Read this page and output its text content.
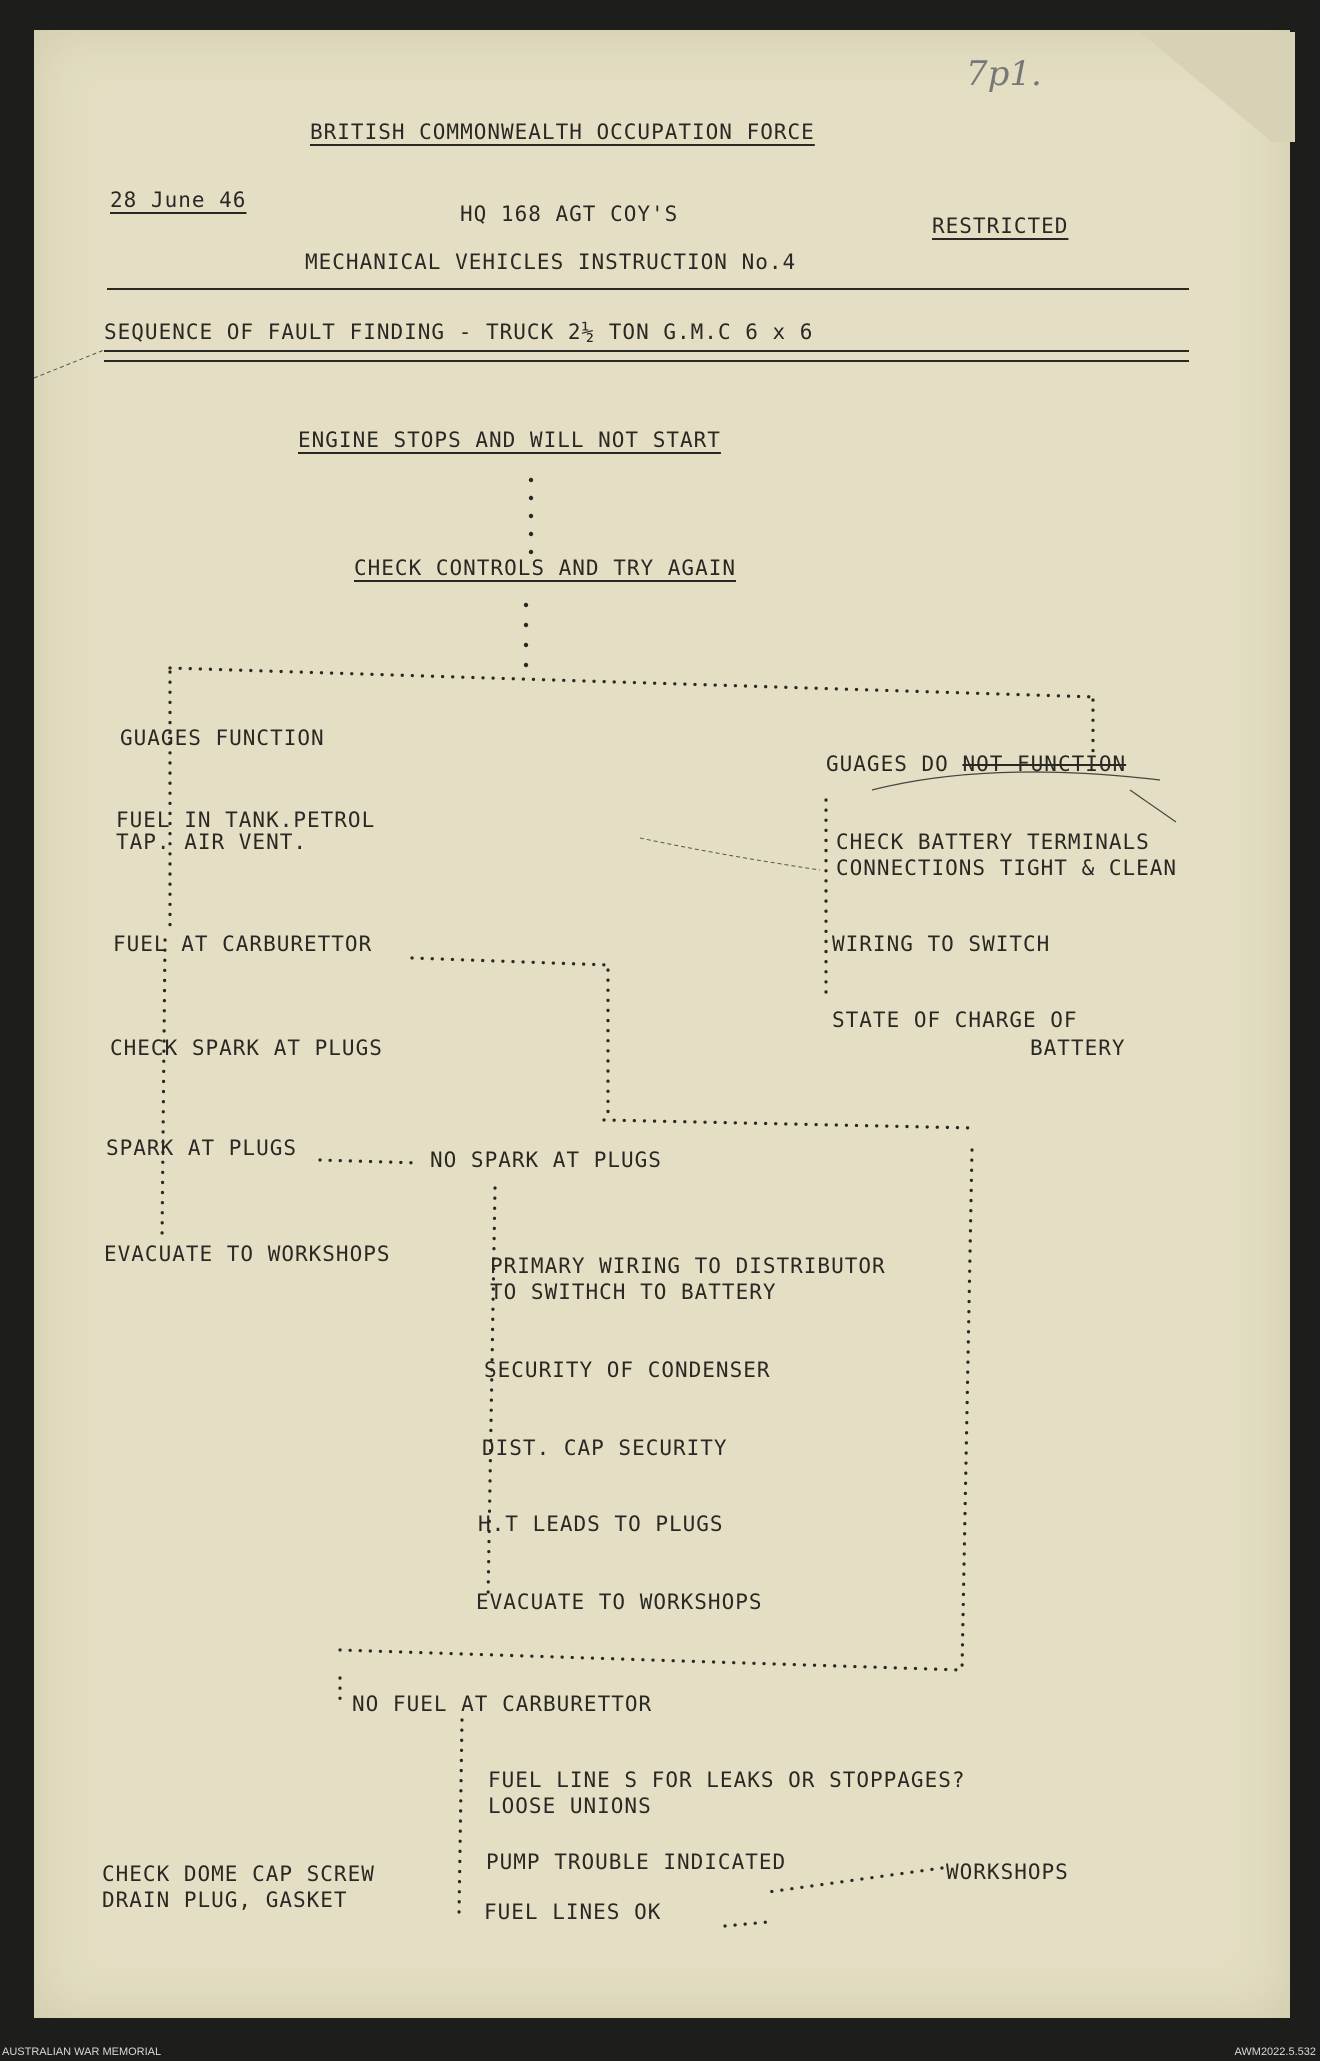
7p1.
BRITISH COMMONWEALTH OCCUPATION FORCE
28 June 46
HQ 168 AGT COY'S	RESTRICTED
MECHANICAL VEHICLES INSTRUCTION No.4
SEQUENCE OF FAULT FINDING - TRUCK 2½ TON G.M.C 6 x 6
ENGINE STOPS AND WILL NOT START
CHECK CONTROLS AND TRY AGAIN
GUAGES FUNCTION
FUEL IN TANK.PETROL
TAP. AIR VENT.
FUEL AT CARBURETTOR
CHECK SPARK AT PLUGS
SPARK AT PLUGS
EVACUATE TO WORKSHOPS
GUAGES DO NOT FUNCTION
CHECK BATTERY TERMINALS
CONNECTIONS TIGHT & CLEAN
WIRING TO SWITCH
STATE OF CHARGE OF
BATTERY
NO SPARK AT PLUGS
PRIMARY WIRING TO DISTRIBUTOR
TO SWITHCH TO BATTERY
SECURITY OF CONDENSER
DIST. CAP SECURITY
H.T LEADS TO PLUGS
EVACUATE TO WORKSHOPS
NO FUEL AT CARBURETTOR
FUEL LINE S FOR LEAKS OR STOPPAGES?
LOOSE UNIONS
PUMP TROUBLE INDICATED	WORKSHOPS
FUEL LINES OK
CHECK DOME CAP SCREW
DRAIN PLUG, GASKET
AUSTRALIAN WAR MEMORIAL	AWM2022.5.532
